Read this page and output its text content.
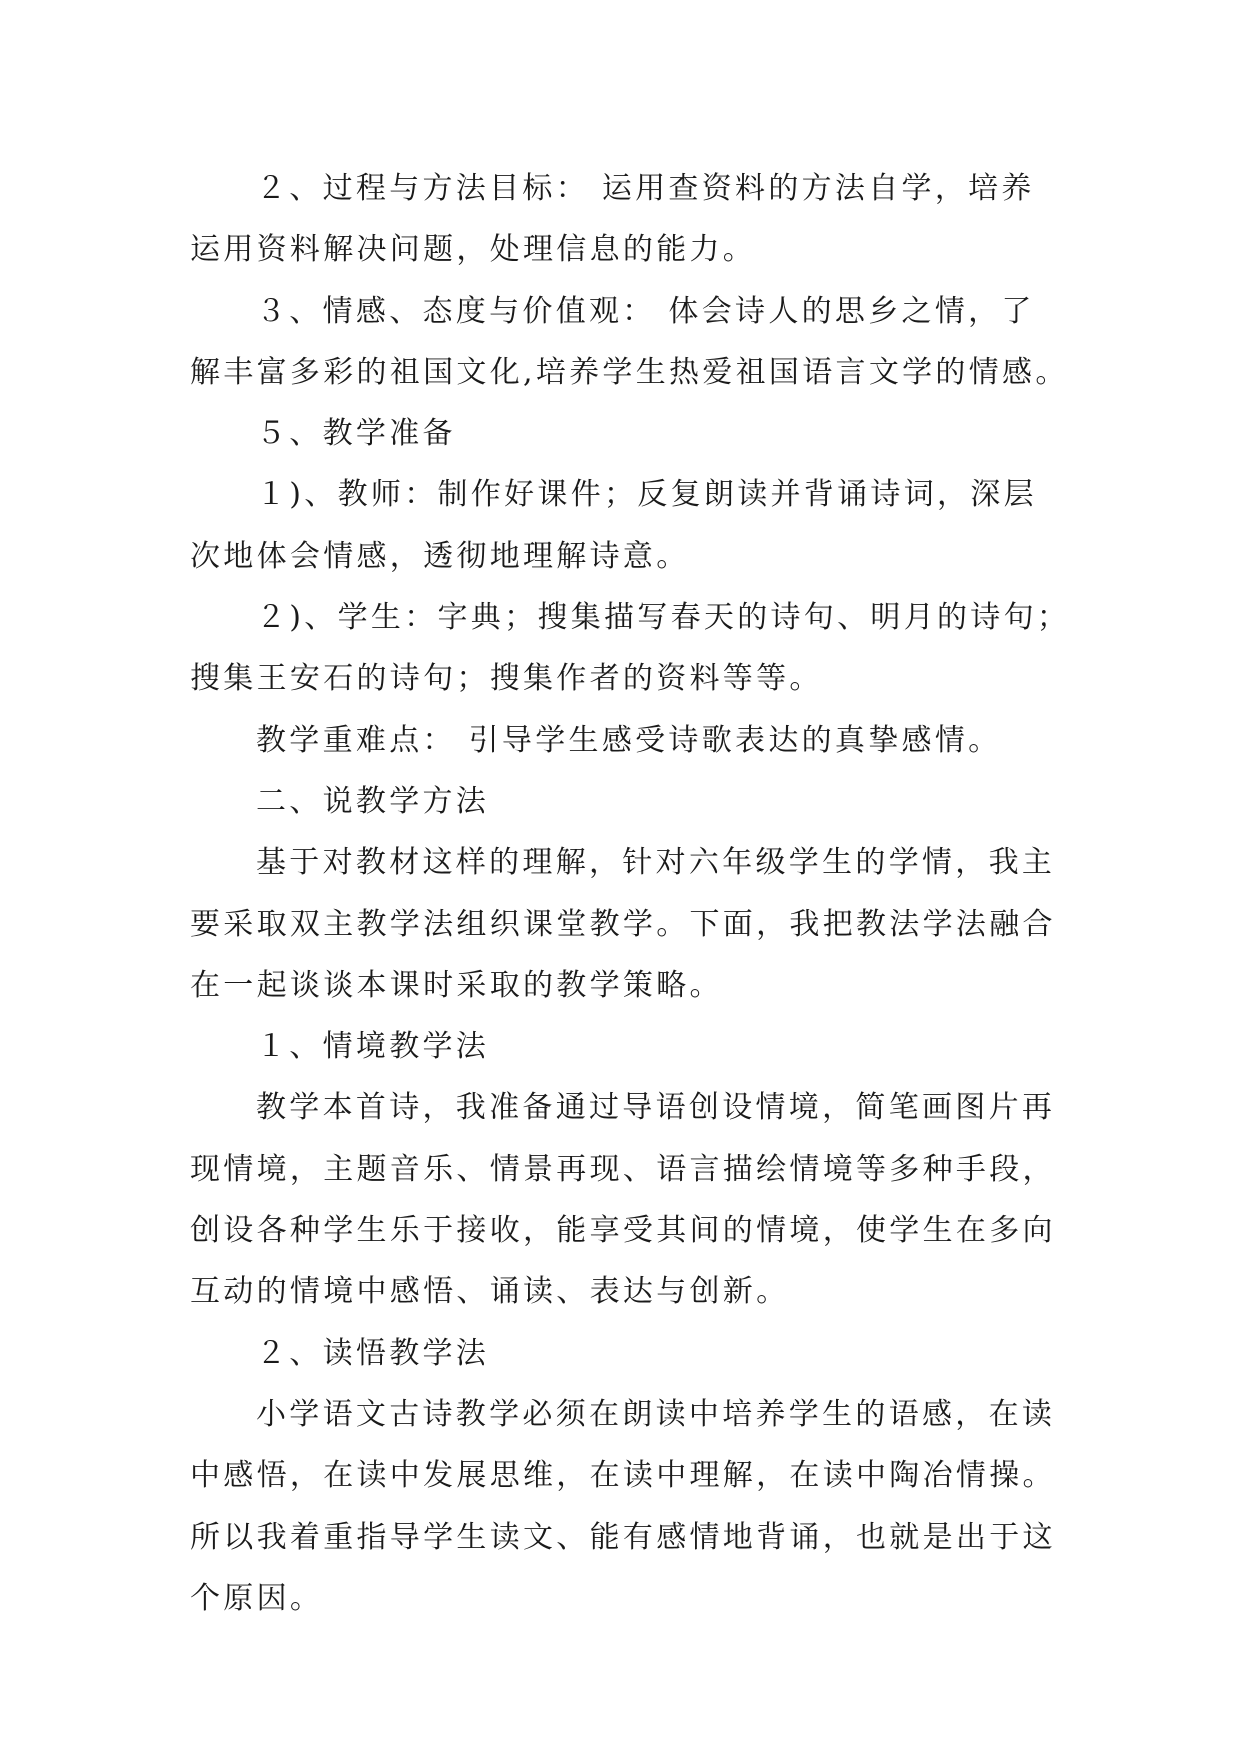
２、过程与方法目标： 运用查资料的方法自学，培养
运用资料解决问题，处理信息的能力。
３、情感、态度与价值观： 体会诗人的思乡之情，了
解丰富多彩的祖国文化,培养学生热爱祖国语言文学的情感。
５、教学准备
１)、教师：制作好课件；反复朗读并背诵诗词，深层
次地体会情感，透彻地理解诗意。
２)、学生：字典；搜集描写春天的诗句、明月的诗句；
搜集王安石的诗句；搜集作者的资料等等。
教学重难点： 引导学生感受诗歌表达的真挚感情。
二、说教学方法
基于对教材这样的理解，针对六年级学生的学情，我主
要采取双主教学法组织课堂教学。下面，我把教法学法融合
在一起谈谈本课时采取的教学策略。
１、情境教学法
教学本首诗，我准备通过导语创设情境，简笔画图片再
现情境，主题音乐、情景再现、语言描绘情境等多种手段，
创设各种学生乐于接收，能享受其间的情境，使学生在多向
互动的情境中感悟、诵读、表达与创新。
２、读悟教学法
小学语文古诗教学必须在朗读中培养学生的语感，在读
中感悟，在读中发展思维，在读中理解，在读中陶冶情操。
所以我着重指导学生读文、能有感情地背诵，也就是出于这
个原因。
